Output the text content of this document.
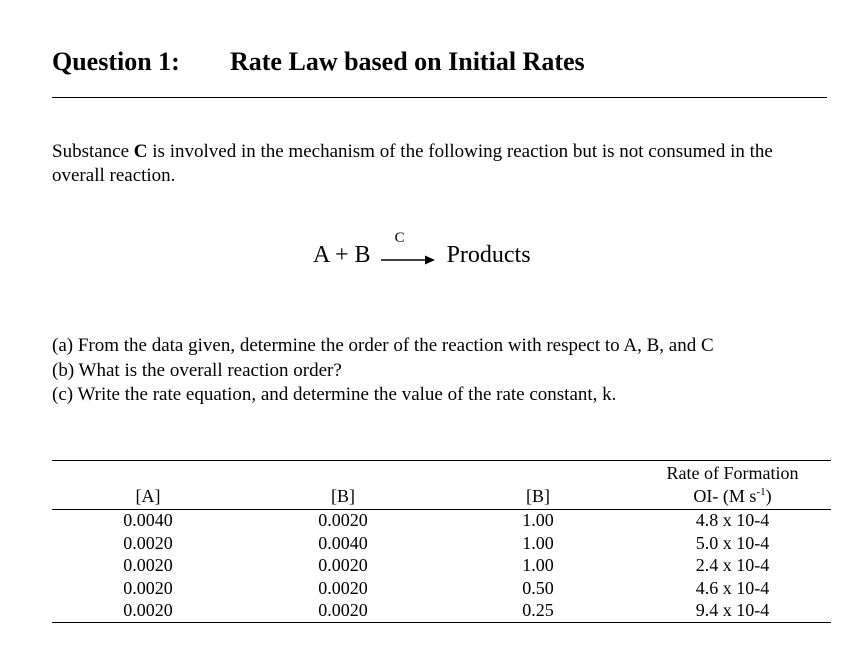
Question 1: Rate Law based on Initial Rates
Substance C is involved in the mechanism of the following reaction but is not consumed in the overall reaction.
A + B
C
Products
(a) From the data given, determine the order of the reaction with respect to A, B, and C
(b) What is the overall reaction order?
(c) Write the rate equation, and determine the value of the rate constant, k.
[A]	[B]	[B]
Rate of Formation
OI- (M $s^{-1}$)
0.0040	0.0020	1.00	4.8 x 10-4
0.0020	0.0040	1.00	5.0 x 10-4
0.0020	0.0020	1.00	2.4 x 10-4
0.0020	0.0020	0.50	4.6 x 10-4
0.0020	0.0020	0.25	9.4 x 10-4
